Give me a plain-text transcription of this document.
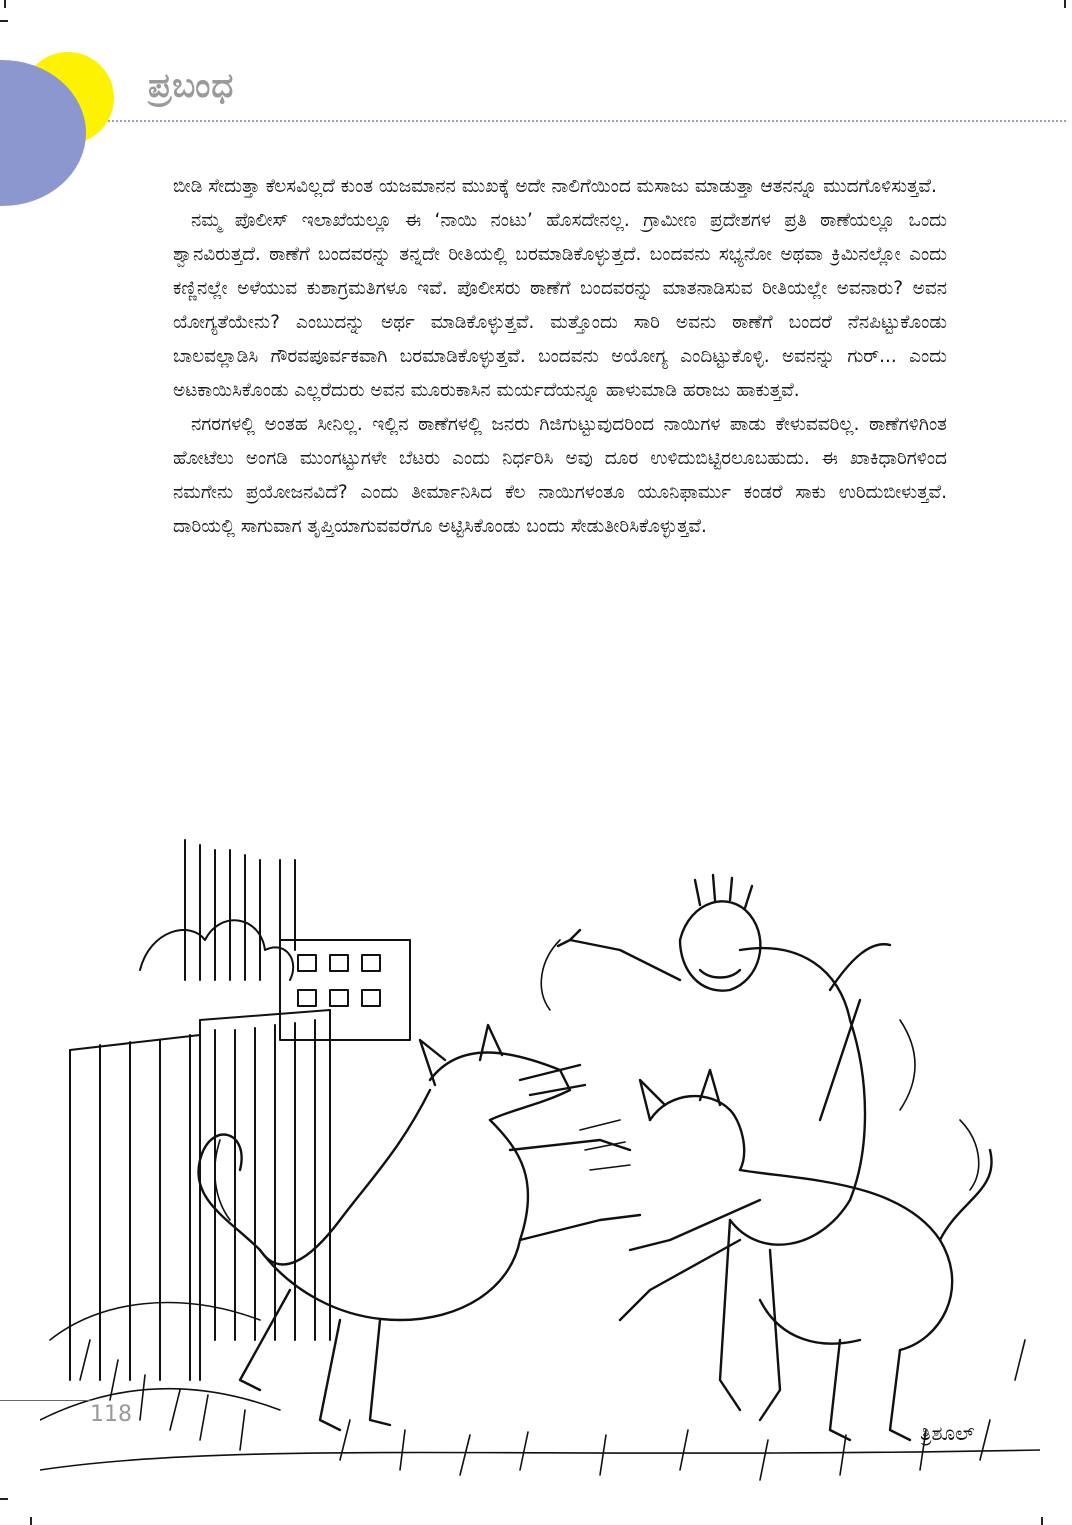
ಪ್ರಬಂಧ

ಬೀಡಿ ಸೇದುತ್ತಾ ಕೆಲಸವಿಲ್ಲದೆ ಕುಂತ ಯಜಮಾನನ ಮುಖಕ್ಕೆ ಅದೇ ನಾಲಿಗೆಯಿಂದ ಮಸಾಜು ಮಾಡುತ್ತಾ ಆತನನ್ನೂ ಮುದಗೊಳಿಸುತ್ತವೆ.

ನಮ್ಮ ಪೊಲೀಸ್ ಇಲಾಖೆಯಲ್ಲೂ ಈ ‘ನಾಯಿ ನಂಟು’ ಹೊಸದೇನಲ್ಲ. ಗ್ರಾಮೀಣ ಪ್ರದೇಶಗಳ ಪ್ರತಿ ಠಾಣೆಯಲ್ಲೂ ಒಂದು ಶ್ವಾನವಿರುತ್ತದೆ. ಠಾಣೆಗೆ ಬಂದವರನ್ನು ತನ್ನದೇ ರೀತಿಯಲ್ಲಿ ಬರಮಾಡಿಕೊಳ್ಳುತ್ತದೆ. ಬಂದವನು ಸಭ್ಯನೋ ಅಥವಾ ಕ್ರಿಮಿನಲ್ಲೋ ಎಂದು ಕಣ್ಣಿನಲ್ಲೇ ಅಳೆಯುವ ಕುಶಾಗ್ರಮತಿಗಳೂ ಇವೆ. ಪೊಲೀಸರು ಠಾಣೆಗೆ ಬಂದವರನ್ನು ಮಾತನಾಡಿಸುವ ರೀತಿಯಲ್ಲೇ ಅವನಾರು? ಅವನ ಯೋಗ್ಯತೆಯೇನು? ಎಂಬುದನ್ನು ಅರ್ಥ ಮಾಡಿಕೊಳ್ಳುತ್ತವೆ. ಮತ್ತೊಂದು ಸಾರಿ ಅವನು ಠಾಣೆಗೆ ಬಂದರೆ ನೆನಪಿಟ್ಟುಕೊಂಡು ಬಾಲವಲ್ಲಾಡಿಸಿ ಗೌರವಪೂರ್ವಕವಾಗಿ ಬರಮಾಡಿಕೊಳ್ಳುತ್ತವೆ. ಬಂದವನು ಅಯೋಗ್ಯ ಎಂದಿಟ್ಟುಕೊಳ್ಳಿ. ಅವನನ್ನು ಗುರ್... ಎಂದು ಅಟಕಾಯಿಸಿಕೊಂಡು ಎಲ್ಲರೆದುರು ಅವನ ಮೂರುಕಾಸಿನ ಮರ್ಯದೆಯನ್ನೂ ಹಾಳುಮಾಡಿ ಹರಾಜು ಹಾಕುತ್ತವೆ.

ನಗರಗಳಲ್ಲಿ ಅಂತಹ ಸೀನಿಲ್ಲ. ಇಲ್ಲಿನ ಠಾಣೆಗಳಲ್ಲಿ ಜನರು ಗಿಜಿಗುಟ್ಟುವುದರಿಂದ ನಾಯಿಗಳ ಪಾಡು ಕೇಳುವವರಿಲ್ಲ. ಠಾಣೆಗಳಿಗಿಂತ ಹೋಟೆಲು ಅಂಗಡಿ ಮುಂಗಟ್ಟುಗಳೇ ಬೆಟರು ಎಂದು ನಿರ್ಧರಿಸಿ ಅವು ದೂರ ಉಳಿದುಬಿಟ್ಟಿರಲೂಬಹುದು. ಈ ಖಾಕಿಧಾರಿಗಳಿಂದ ನಮಗೇನು ಪ್ರಯೋಜನವಿದೆ? ಎಂದು ತೀರ್ಮಾನಿಸಿದ ಕೆಲ ನಾಯಿಗಳಂತೂ ಯೂನಿಫಾರ್ಮು ಕಂಡರೆ ಸಾಕು ಉರಿದುಬೀಳುತ್ತವೆ. ದಾರಿಯಲ್ಲಿ ಸಾಗುವಾಗ ತೃಪ್ತಿಯಾಗುವವರೆಗೂ ಅಟ್ಟಿಸಿಕೊಂಡು ಬಂದು ಸೇಡುತೀರಿಸಿಕೊಳ್ಳುತ್ತವೆ.

ತ್ರಿಶೂಲ್
118
